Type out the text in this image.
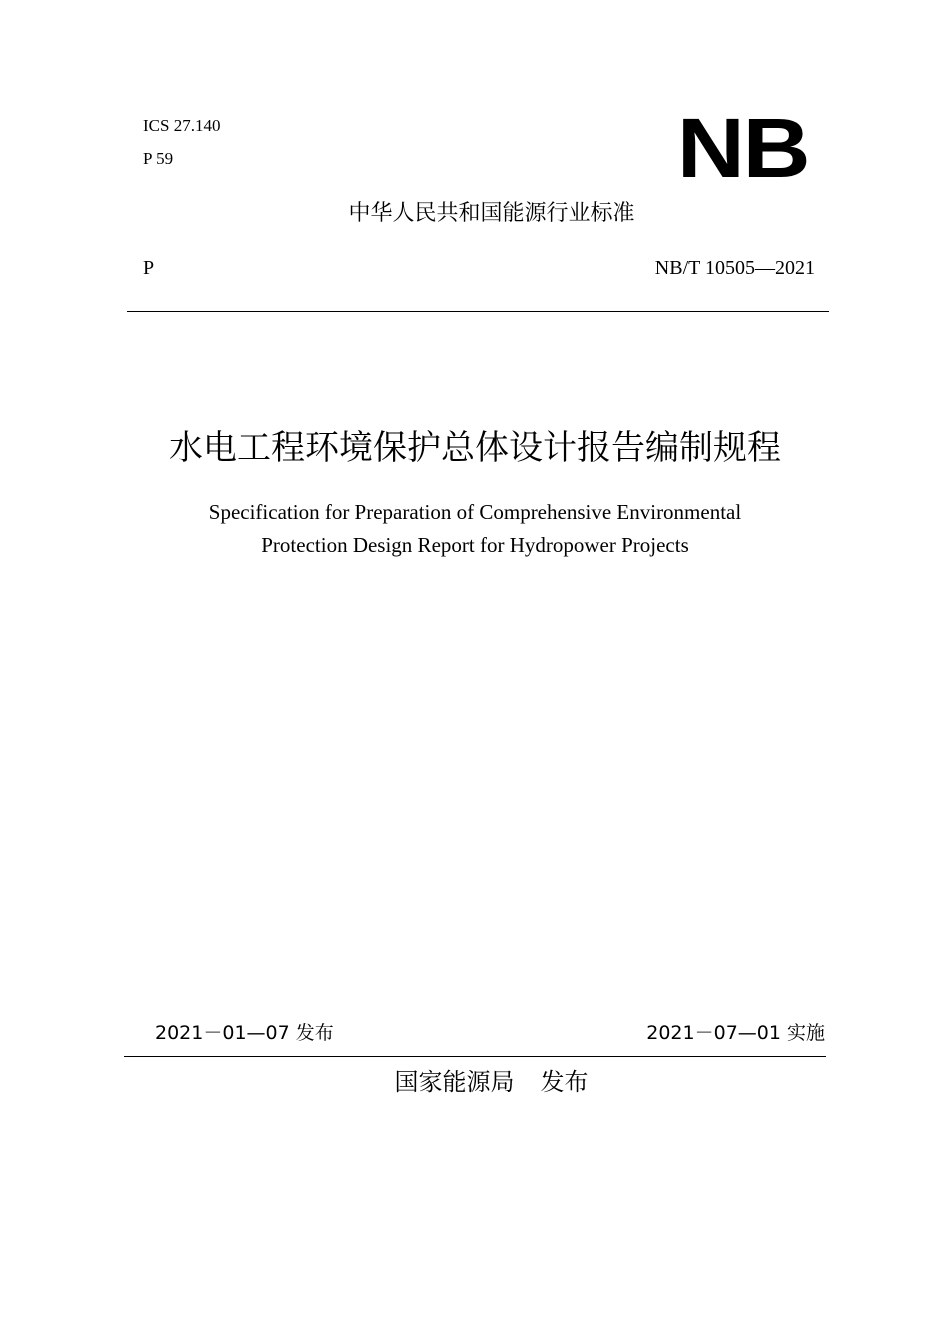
ICS 27.140
P 59	NB
中华人民共和国能源行业标准
P	NB/T 10505—2021
水电工程环境保护总体设计报告编制规程
Specification for Preparation of Comprehensive Environmental
Protection Design Report for Hydropower Projects
2021－01—07 发布	2021－07—01 实施
国家能源局 发布
